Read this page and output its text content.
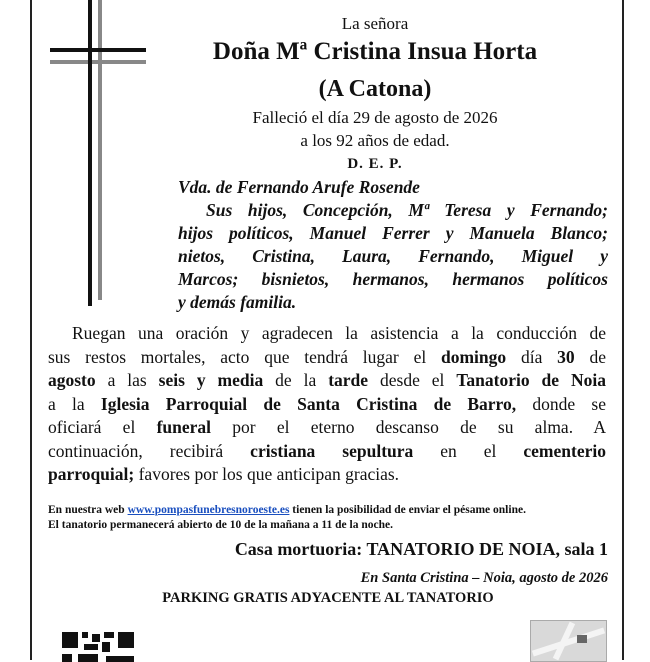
La señora
Doña Mª Cristina Insua Horta
(A Catona)
Falleció el día 29 de agosto de 2026
a los 92 años de edad.
D. E. P.
Vda. de Fernando Arufe Rosende
Sus hijos, Concepción, Mª Teresa y Fernando;
hijos políticos, Manuel Ferrer y Manuela Blanco;
nietos, Cristina, Laura, Fernando, Miguel y
Marcos; bisnietos, hermanos, hermanos políticos
y demás familia.
Ruegan una oración y agradecen la asistencia a la conducción de
sus restos mortales, acto que tendrá lugar el domingo día 30 de
agosto a las seis y media de la tarde desde el Tanatorio de Noia
a la Iglesia Parroquial de Santa Cristina de Barro, donde se
oficiará el funeral por el eterno descanso de su alma. A
continuación, recibirá cristiana sepultura en el cementerio
parroquial; favores por los que anticipan gracias.
En nuestra web www.pompasfunebresnoroeste.es tienen la posibilidad de enviar el pésame online.
El tanatorio permanecerá abierto de 10 de la mañana a 11 de la noche.
Casa mortuoria: TANATORIO DE NOIA, sala 1
En Santa Cristina – Noia, agosto de 2026
PARKING GRATIS ADYACENTE AL TANATORIO
